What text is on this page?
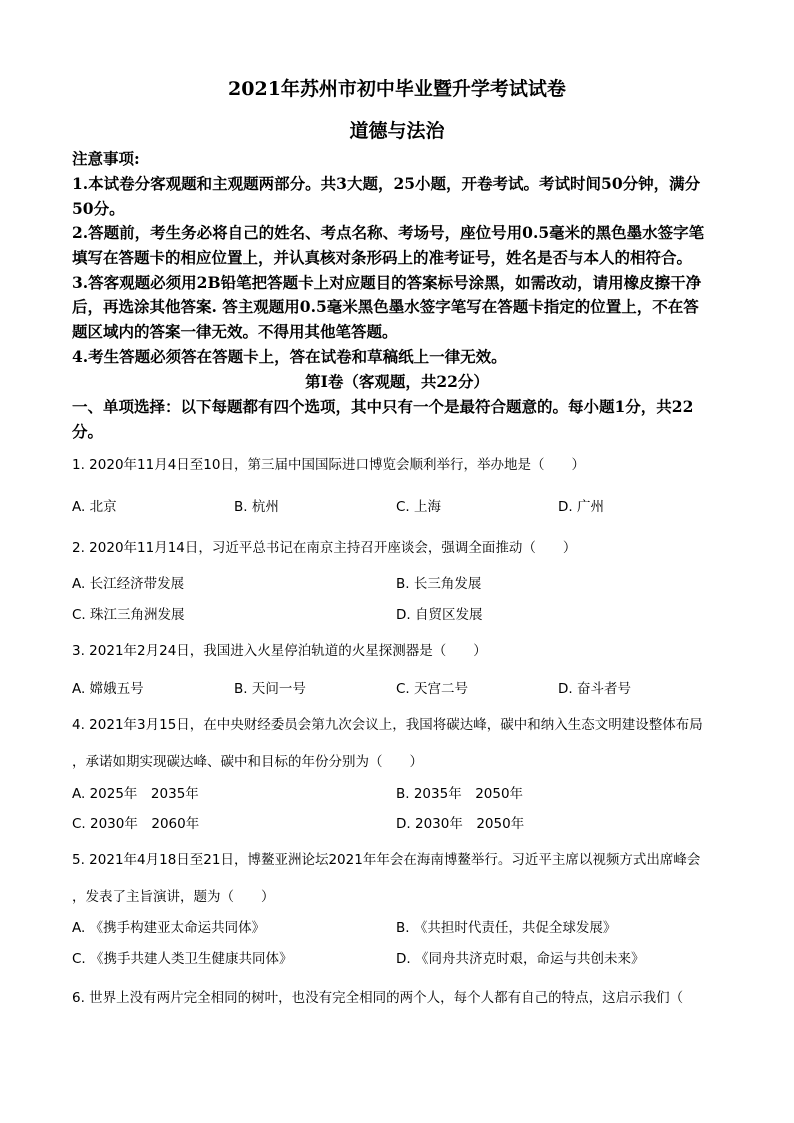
2021年苏州市初中毕业暨升学考试试卷
道德与法治
注意事项:
1.本试卷分客观题和主观题两部分。共3大题，25小题，开卷考试。考试时间50分钟，满分
50分。
2.答题前，考生务必将自己的姓名、考点名称、考场号，座位号用0.5毫米的黑色墨水签字笔
填写在答题卡的相应位置上，并认真核对条形码上的准考证号，姓名是否与本人的相符合。
3.答客观题必须用2B铅笔把答题卡上对应题目的答案标号涂黑，如需改动，请用橡皮擦干净
后，再选涂其他答案. 答主观题用0.5毫米黑色墨水签字笔写在答题卡指定的位置上，不在答
题区域内的答案一律无效。不得用其他笔答题。
4.考生答题必须答在答题卡上，答在试卷和草稿纸上一律无效。
第I卷（客观题，共22分）
一、单项选择：以下每题都有四个选项，其中只有一个是最符合题意的。每小题1分，共22
分。
1. 2020年11月4日至10日，第三届中国国际进口博览会顺利举行，举办地是（　　）
A. 北京	B. 杭州	C. 上海	D. 广州
2. 2020年11月14日，习近平总书记在南京主持召开座谈会，强调全面推动（　　）
A. 长江经济带发展	B. 长三角发展
C. 珠江三角洲发展	D. 自贸区发展
3. 2021年2月24日，我国进入火星停泊轨道的火星探测器是（　　）
A. 嫦娥五号	B. 天问一号	C. 天宫二号	D. 奋斗者号
4. 2021年3月15日，在中央财经委员会第九次会议上，我国将碳达峰，碳中和纳入生态文明建设整体布局
，承诺如期实现碳达峰、碳中和目标的年份分别为（　　）
A. 2025年　2035年	B. 2035年　2050年
C. 2030年　2060年	D. 2030年　2050年
5. 2021年4月18日至21日，博鳌亚洲论坛2021年年会在海南博鳌举行。习近平主席以视频方式出席峰会
，发表了主旨演讲，题为（　　）
A. 《携手构建亚太命运共同体》	B. 《共担时代责任，共促全球发展》
C. 《携手共建人类卫生健康共同体》	D. 《同舟共济克时艰，命运与共创未来》
6. 世界上没有两片完全相同的树叶，也没有完全相同的两个人，每个人都有自己的特点，这启示我们（
